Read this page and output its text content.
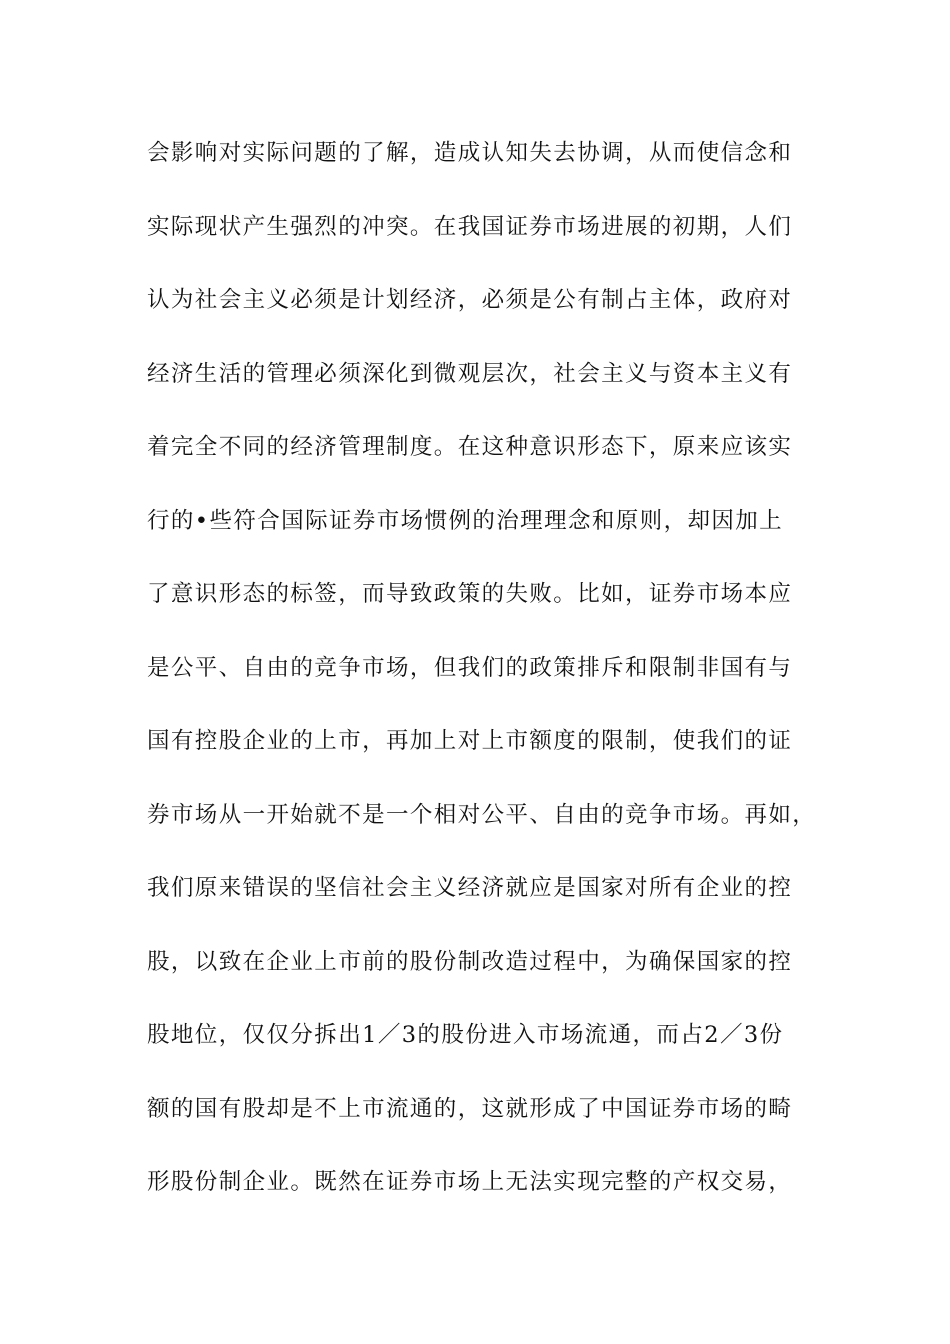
会影响对实际问题的了解，造成认知失去协调，从而使信念和
实际现状产生强烈的冲突。在我国证券市场进展的初期，人们
认为社会主义必须是计划经济，必须是公有制占主体，政府对
经济生活的管理必须深化到微观层次，社会主义与资本主义有
着完全不同的经济管理制度。在这种意识形态下，原来应该实
行的•些符合国际证券市场惯例的治理理念和原则，却因加上
了意识形态的标签，而导致政策的失败。比如，证券市场本应
是公平、自由的竞争市场，但我们的政策排斥和限制非国有与
国有控股企业的上市，再加上对上市额度的限制，使我们的证
券市场从一开始就不是一个相对公平、自由的竞争市场。再如，
我们原来错误的坚信社会主义经济就应是国家对所有企业的控
股，以致在企业上市前的股份制改造过程中，为确保国家的控
股地位，仅仅分拆出1／3的股份进入市场流通，而占2／3份
额的国有股却是不上市流通的，这就形成了中国证券市场的畸
形股份制企业。既然在证券市场上无法实现完整的产权交易，
